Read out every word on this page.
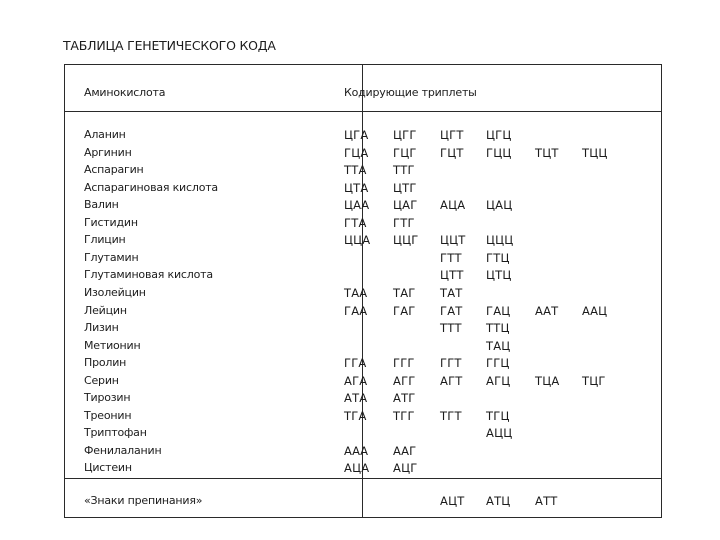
ТАБЛИЦА ГЕНЕТИЧЕСКОГО КОДА
Аминокислота	Кодирующие триплеты
Аланин	ЦГА ЦГГ ЦГТ ЦГЦ
Аргинин	ГЦА ГЦГ ГЦТ ГЦЦ ТЦТ ТЦЦ
Аспарагин	ТТА ТТГ
Аспарагиновая кислота	ЦТА ЦТГ
Валин	ЦАА ЦАГ АЦА ЦАЦ
Гистидин	ГТА ГТГ
Глицин	ЦЦА ЦЦГ ЦЦТ ЦЦЦ
Глутамин	ГТТ ГТЦ
Глутаминовая кислота	ЦТТ ЦТЦ
Изолейцин	ТАА ТАГ ТАТ
Лейцин	ГАА ГАГ ГАТ ГАЦ ААТ ААЦ
Лизин	ТТТ ТТЦ
Метионин	ТАЦ
Пролин	ГГА ГГГ ГГТ ГГЦ
Серин	АГА АГГ АГТ АГЦ ТЦА ТЦГ
Тирозин	АТА АТГ
Треонин	ТГА ТГГ ТГТ ТГЦ
Триптофан	АЦЦ
Фенилаланин	ААА ААГ
Цистеин	АЦА АЦГ
«Знаки препинания»	АЦТ АТЦ АТТ
